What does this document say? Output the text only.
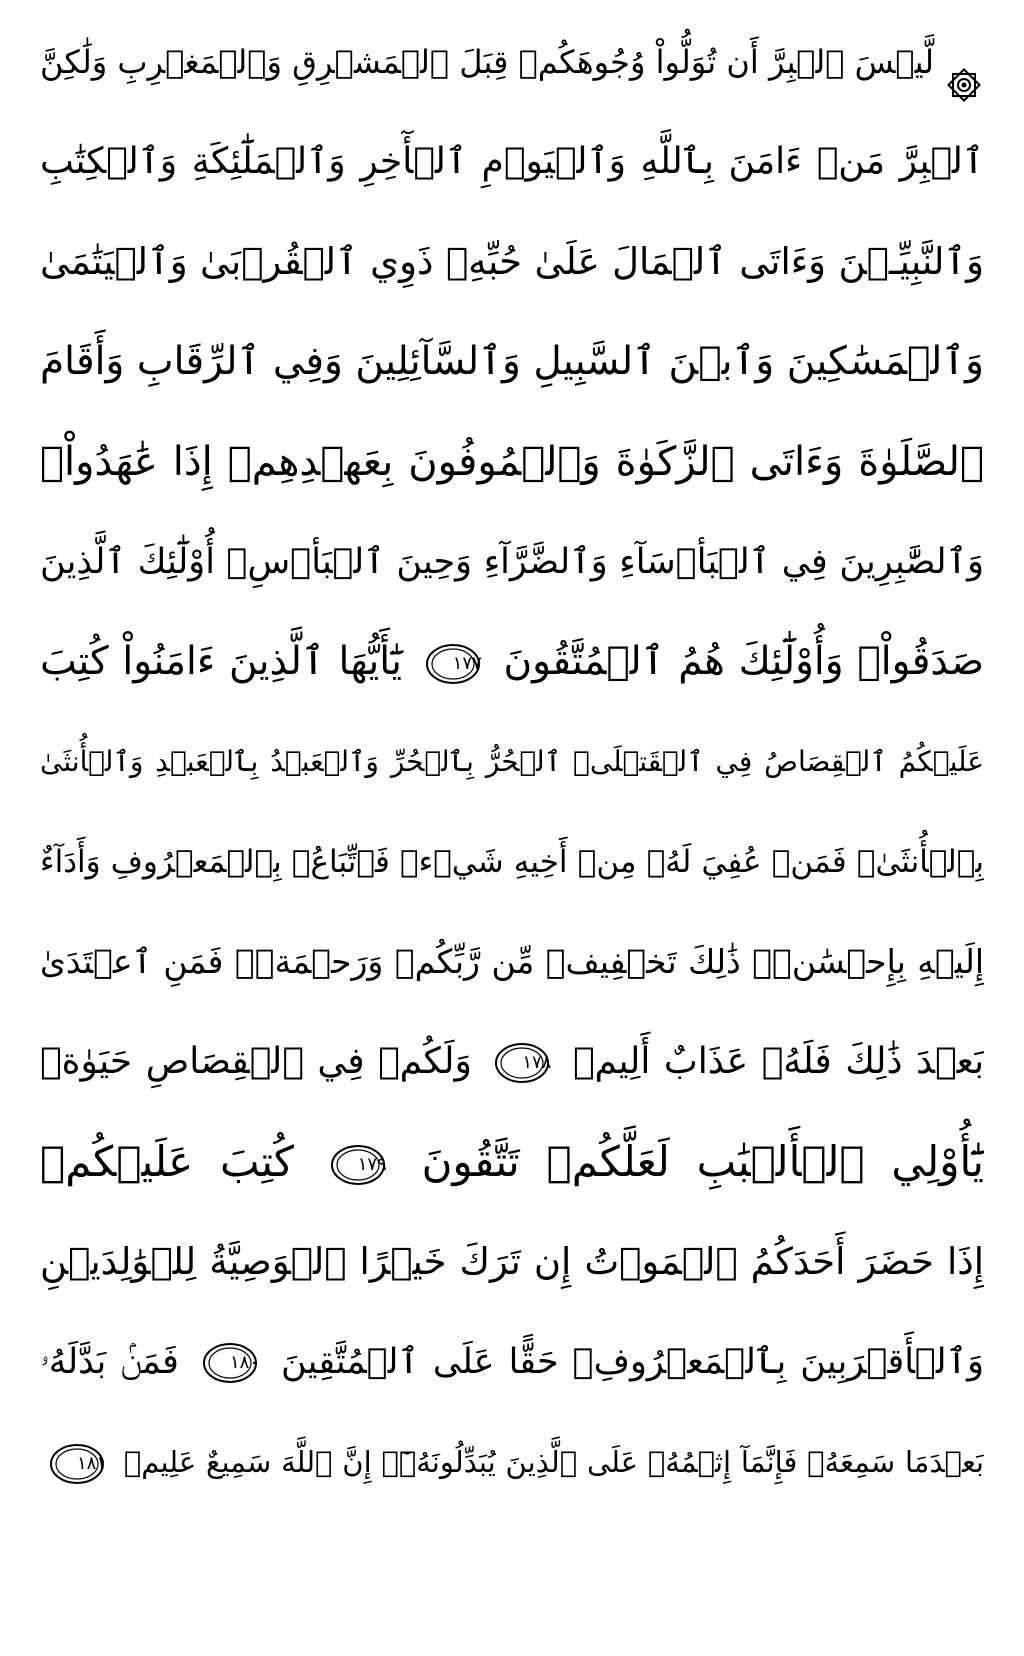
لَّيۡسَ ٱلۡبِرَّ أَن تُوَلُّواْ وُجُوهَكُمۡ قِبَلَ ٱلۡمَشۡرِقِ وَٱلۡمَغۡرِبِ وَلَٰكِنَّ
ٱلۡبِرَّ مَنۡ ءَامَنَ بِٱللَّهِ وَٱلۡيَوۡمِ ٱلۡأٓخِرِ وَٱلۡمَلَٰٓئِكَةِ وَٱلۡكِتَٰبِ
وَٱلنَّبِيِّـۧنَ وَءَاتَى ٱلۡمَالَ عَلَىٰ حُبِّهِۦ ذَوِي ٱلۡقُرۡبَىٰ وَٱلۡيَتَٰمَىٰ
وَٱلۡمَسَٰكِينَ وَٱبۡنَ ٱلسَّبِيلِ وَٱلسَّآئِلِينَ وَفِي ٱلرِّقَابِ وَأَقَامَ
ٱلصَّلَوٰةَ وَءَاتَى ٱلزَّكَوٰةَ وَٱلۡمُوفُونَ بِعَهۡدِهِمۡ إِذَا عَٰهَدُواْۖ
وَٱلصَّٰبِرِينَ فِي ٱلۡبَأۡسَآءِ وَٱلضَّرَّآءِ وَحِينَ ٱلۡبَأۡسِۗ أُوْلَٰٓئِكَ ٱلَّذِينَ
صَدَقُواْۖ وَأُوْلَٰٓئِكَ هُمُ ٱلۡمُتَّقُونَ
١٧٧
يَٰٓأَيُّهَا ٱلَّذِينَ ءَامَنُواْ كُتِبَ
عَلَيۡكُمُ ٱلۡقِصَاصُ فِي ٱلۡقَتۡلَىۖ ٱلۡحُرُّ بِٱلۡحُرِّ وَٱلۡعَبۡدُ بِٱلۡعَبۡدِ وَٱلۡأُنثَىٰ
بِٱلۡأُنثَىٰۚ فَمَنۡ عُفِيَ لَهُۥ مِنۡ أَخِيهِ شَيۡءٞ فَٱتِّبَاعُۢ بِٱلۡمَعۡرُوفِ وَأَدَآءٌ
إِلَيۡهِ بِإِحۡسَٰنٖۗ ذَٰلِكَ تَخۡفِيفٞ مِّن رَّبِّكُمۡ وَرَحۡمَةٞۗ فَمَنِ ٱعۡتَدَىٰ
بَعۡدَ ذَٰلِكَ فَلَهُۥ عَذَابٌ أَلِيمٞ
١٧٨
وَلَكُمۡ فِي ٱلۡقِصَاصِ حَيَوٰةٞ
يَٰٓأُوْلِي ٱلۡأَلۡبَٰبِ لَعَلَّكُمۡ تَتَّقُونَ
١٧٩
كُتِبَ عَلَيۡكُمۡ
إِذَا حَضَرَ أَحَدَكُمُ ٱلۡمَوۡتُ إِن تَرَكَ خَيۡرًا ٱلۡوَصِيَّةُ لِلۡوَٰلِدَيۡنِ
وَٱلۡأَقۡرَبِينَ بِٱلۡمَعۡرُوفِۖ حَقًّا عَلَى ٱلۡمُتَّقِينَ
١٨٠
فَمَنۢ بَدَّلَهُۥ
بَعۡدَمَا سَمِعَهُۥ فَإِنَّمَآ إِثۡمُهُۥ عَلَى ٱلَّذِينَ يُبَدِّلُونَهُۥٓۚ إِنَّ ٱللَّهَ سَمِيعٌ عَلِيمٞ
١٨١
